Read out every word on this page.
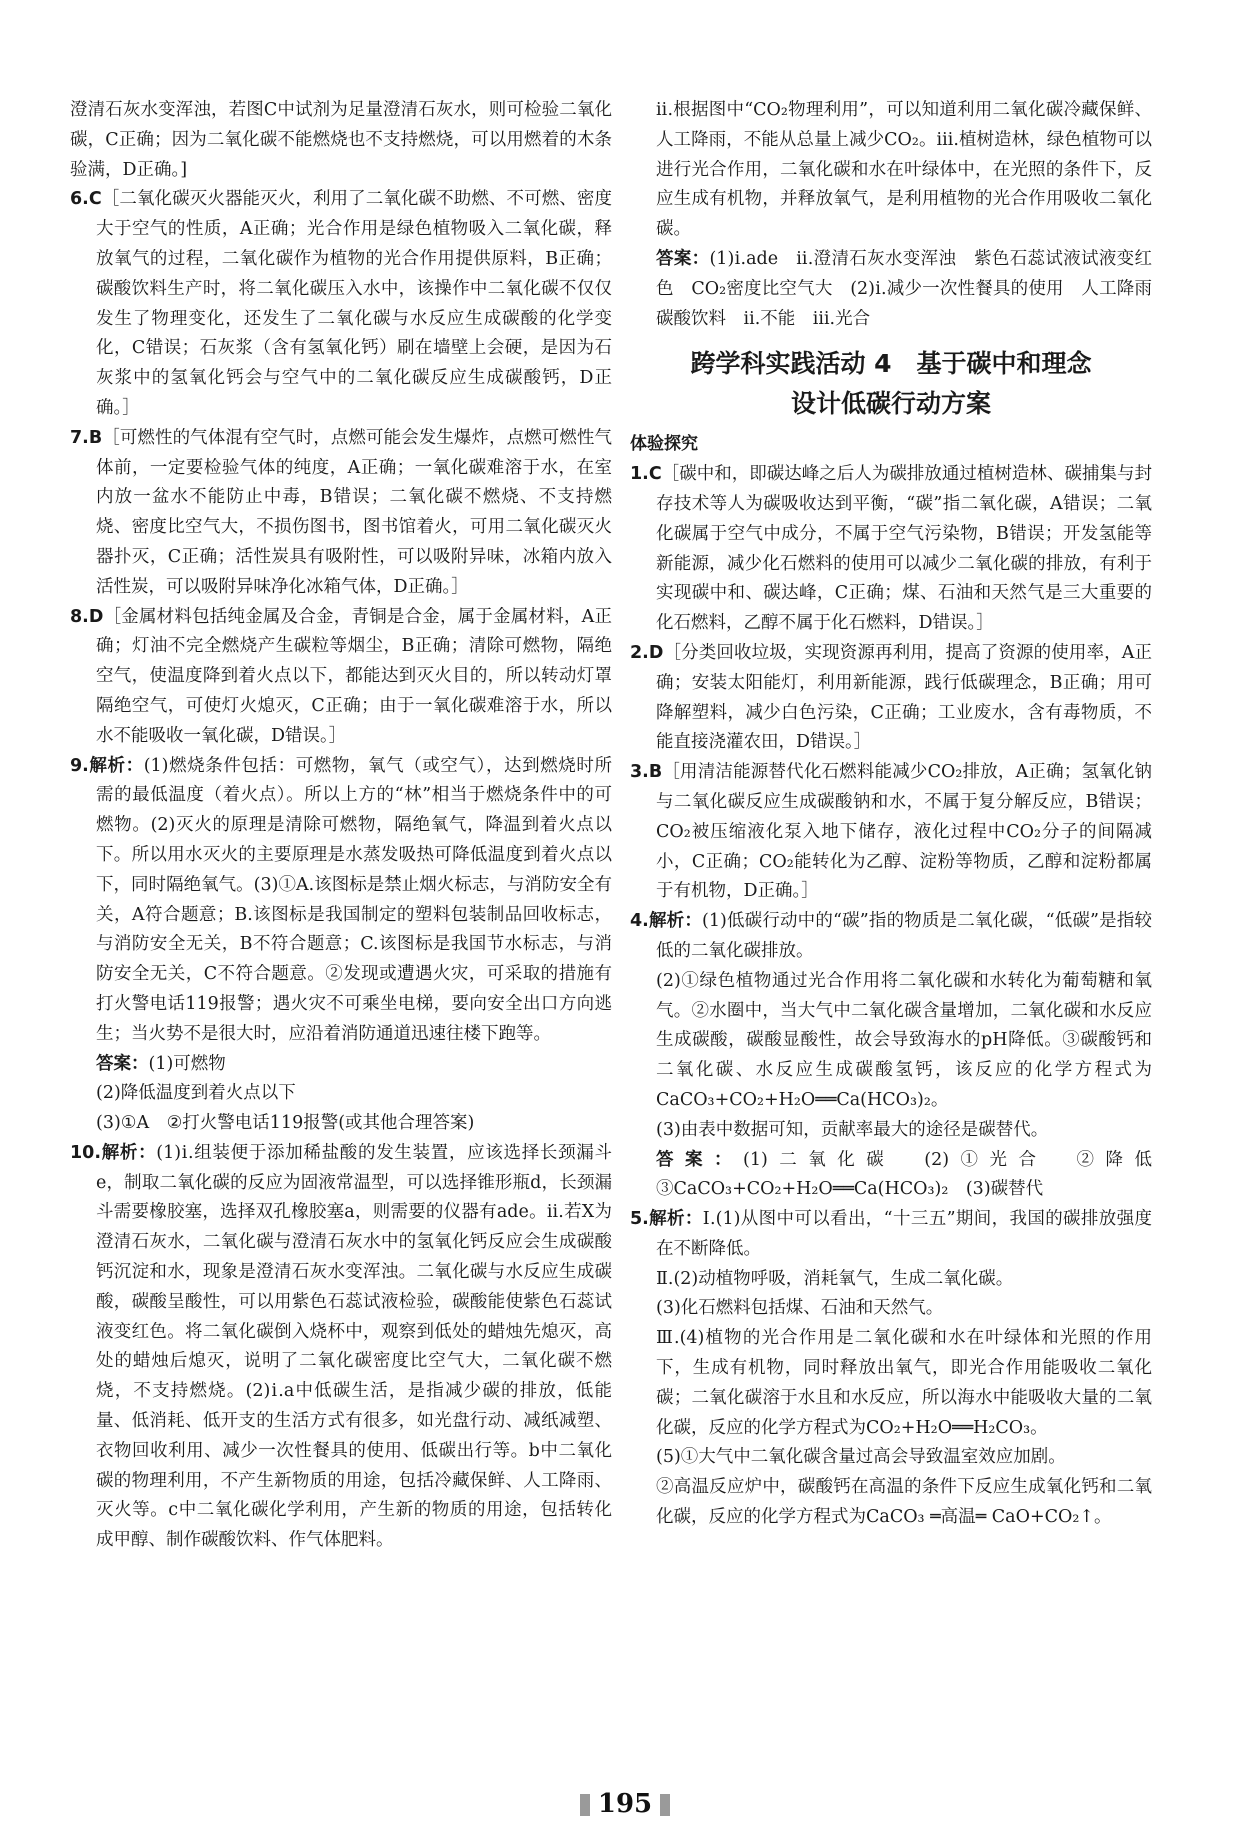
澄清石灰水变浑浊，若图C中试剂为足量澄清石灰水，则可检验二氧化碳，C正确；因为二氧化碳不能燃烧也不支持燃烧，可以用燃着的木条验满，D正确。]

6.C［二氧化碳灭火器能灭火，利用了二氧化碳不助燃、不可燃、密度大于空气的性质，A正确；光合作用是绿色植物吸入二氧化碳，释放氧气的过程，二氧化碳作为植物的光合作用提供原料，B正确；碳酸饮料生产时，将二氧化碳压入水中，该操作中二氧化碳不仅仅发生了物理变化，还发生了二氧化碳与水反应生成碳酸的化学变化，C错误；石灰浆（含有氢氧化钙）刷在墙壁上会硬，是因为石灰浆中的氢氧化钙会与空气中的二氧化碳反应生成碳酸钙，D正确。］

7.B［可燃性的气体混有空气时，点燃可能会发生爆炸，点燃可燃性气体前，一定要检验气体的纯度，A正确；一氧化碳难溶于水，在室内放一盆水不能防止中毒，B错误；二氧化碳不燃烧、不支持燃烧、密度比空气大，不损伤图书，图书馆着火，可用二氧化碳灭火器扑灭，C正确；活性炭具有吸附性，可以吸附异味，冰箱内放入活性炭，可以吸附异味净化冰箱气体，D正确。］

8.D［金属材料包括纯金属及合金，青铜是合金，属于金属材料，A正确；灯油不完全燃烧产生碳粒等烟尘，B正确；清除可燃物，隔绝空气，使温度降到着火点以下，都能达到灭火目的，所以转动灯罩隔绝空气，可使灯火熄灭，C正确；由于一氧化碳难溶于水，所以水不能吸收一氧化碳，D错误。］

9.解析：(1)燃烧条件包括：可燃物，氧气（或空气），达到燃烧时所需的最低温度（着火点）。所以上方的“林”相当于燃烧条件中的可燃物。(2)灭火的原理是清除可燃物，隔绝氧气，降温到着火点以下。所以用水灭火的主要原理是水蒸发吸热可降低温度到着火点以下，同时隔绝氧气。(3)①A.该图标是禁止烟火标志，与消防安全有关，A符合题意；B.该图标是我国制定的塑料包装制品回收标志，与消防安全无关，B不符合题意；C.该图标是我国节水标志，与消防安全无关，C不符合题意。②发现或遭遇火灾，可采取的措施有打火警电话119报警；遇火灾不可乘坐电梯，要向安全出口方向逃生；当火势不是很大时，应沿着消防通道迅速往楼下跑等。

答案：(1)可燃物

(2)降低温度到着火点以下

(3)①A　②打火警电话119报警(或其他合理答案)

10.解析：(1)ⅰ.组装便于添加稀盐酸的发生装置，应该选择长颈漏斗e，制取二氧化碳的反应为固液常温型，可以选择锥形瓶d，长颈漏斗需要橡胶塞，选择双孔橡胶塞a，则需要的仪器有ade。ⅱ.若X为澄清石灰水，二氧化碳与澄清石灰水中的氢氧化钙反应会生成碳酸钙沉淀和水，现象是澄清石灰水变浑浊。二氧化碳与水反应生成碳酸，碳酸呈酸性，可以用紫色石蕊试液检验，碳酸能使紫色石蕊试液变红色。将二氧化碳倒入烧杯中，观察到低处的蜡烛先熄灭，高处的蜡烛后熄灭，说明了二氧化碳密度比空气大，二氧化碳不燃烧，不支持燃烧。(2)ⅰ.a中低碳生活，是指减少碳的排放，低能量、低消耗、低开支的生活方式有很多，如光盘行动、减纸减塑、衣物回收利用、减少一次性餐具的使用、低碳出行等。b中二氧化碳的物理利用，不产生新物质的用途，包括冷藏保鲜、人工降雨、灭火等。c中二氧化碳化学利用，产生新的物质的用途，包括转化成甲醇、制作碳酸饮料、作气体肥料。

ⅱ.根据图中“CO₂物理利用”，可以知道利用二氧化碳冷藏保鲜、人工降雨，不能从总量上减少CO₂。ⅲ.植树造林，绿色植物可以进行光合作用，二氧化碳和水在叶绿体中，在光照的条件下，反应生成有机物，并释放氧气，是利用植物的光合作用吸收二氧化碳。

答案：(1)ⅰ.ade　ⅱ.澄清石灰水变浑浊　紫色石蕊试液试液变红色　CO₂密度比空气大　(2)ⅰ.减少一次性餐具的使用　人工降雨　碳酸饮料　ⅱ.不能　ⅲ.光合

跨学科实践活动 4　基于碳中和理念
设计低碳行动方案
体验探究

1.C［碳中和，即碳达峰之后人为碳排放通过植树造林、碳捕集与封存技术等人为碳吸收达到平衡，“碳”指二氧化碳，A错误；二氧化碳属于空气中成分，不属于空气污染物，B错误；开发氢能等新能源，减少化石燃料的使用可以减少二氧化碳的排放，有利于实现碳中和、碳达峰，C正确；煤、石油和天然气是三大重要的化石燃料，乙醇不属于化石燃料，D错误。］

2.D［分类回收垃圾，实现资源再利用，提高了资源的使用率，A正确；安装太阳能灯，利用新能源，践行低碳理念，B正确；用可降解塑料，减少白色污染，C正确；工业废水，含有毒物质，不能直接浇灌农田，D错误。］

3.B［用清洁能源替代化石燃料能减少CO₂排放，A正确；氢氧化钠与二氧化碳反应生成碳酸钠和水，不属于复分解反应，B错误；CO₂被压缩液化泵入地下储存，液化过程中CO₂分子的间隔减小，C正确；CO₂能转化为乙醇、淀粉等物质，乙醇和淀粉都属于有机物，D正确。］

4.解析：(1)低碳行动中的“碳”指的物质是二氧化碳，“低碳”是指较低的二氧化碳排放。

(2)①绿色植物通过光合作用将二氧化碳和水转化为葡萄糖和氧气。②水圈中，当大气中二氧化碳含量增加，二氧化碳和水反应生成碳酸，碳酸显酸性，故会导致海水的pH降低。③碳酸钙和二氧化碳、水反应生成碳酸氢钙，该反应的化学方程式为CaCO₃+CO₂+H₂O══Ca(HCO₃)₂。

(3)由表中数据可知，贡献率最大的途径是碳替代。

答案：(1)二氧化碳　(2)①光合　②降低　③CaCO₃+CO₂+H₂O══Ca(HCO₃)₂　(3)碳替代

5.解析：Ⅰ.(1)从图中可以看出，“十三五”期间，我国的碳排放强度在不断降低。

Ⅱ.(2)动植物呼吸，消耗氧气，生成二氧化碳。

(3)化石燃料包括煤、石油和天然气。

Ⅲ.(4)植物的光合作用是二氧化碳和水在叶绿体和光照的作用下，生成有机物，同时释放出氧气，即光合作用能吸收二氧化碳；二氧化碳溶于水且和水反应，所以海水中能吸收大量的二氧化碳，反应的化学方程式为CO₂+H₂O══H₂CO₃。

(5)①大气中二氧化碳含量过高会导致温室效应加剧。

②高温反应炉中，碳酸钙在高温的条件下反应生成氧化钙和二氧化碳，反应的化学方程式为CaCO₃ ═高温═ CaO+CO₂↑。

195
